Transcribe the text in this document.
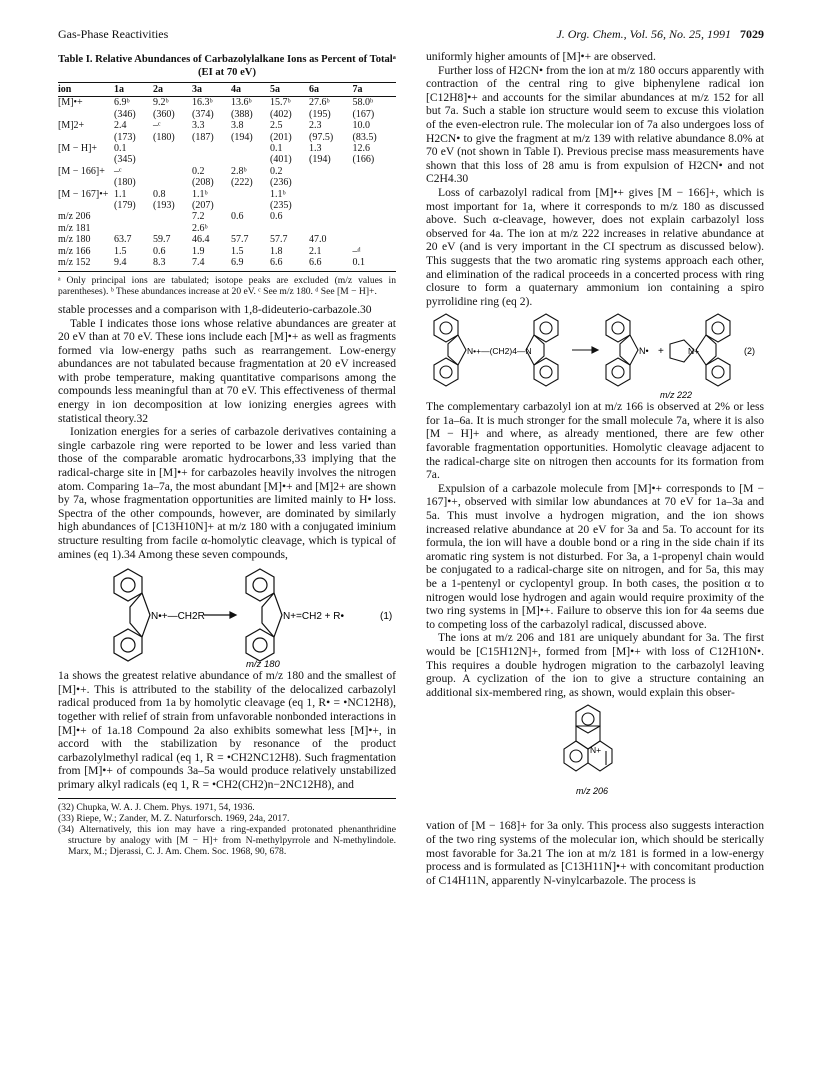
Gas-Phase Reactivities	J. Org. Chem., Vol. 56, No. 25, 1991 7029
Table I. Relative Abundances of Carbazolylalkane Ions as Percent of Totalᵃ (EI at 70 eV)
ion	1a	2a	3a	4a	5a	6a	7a
[M]•+	6.9ᵇ	9.2ᵇ	16.3ᵇ	13.6ᵇ	15.7ᵇ	27.6ᵇ	58.0ᵇ
	(346)	(360)	(374)	(388)	(402)	(195)	(167)
[M]2+	2.4	–ᶜ	3.3	3.8	2.5	2.3	10.0
	(173)	(180)	(187)	(194)	(201)	(97.5)	(83.5)
[M − H]+	0.1				0.1	1.3	12.6
	(345)				(401)	(194)	(166)
[M − 166]+	–ᶜ		0.2	2.8ᵇ	0.2		
	(180)		(208)	(222)	(236)		
[M − 167]•+	1.1	0.8	1.1ᵇ		1.1ᵇ		
	(179)	(193)	(207)		(235)		
m/z 206			7.2	0.6	0.6		
m/z 181			2.6ᵇ				
m/z 180	63.7	59.7	46.4	57.7	57.7	47.0	
m/z 166	1.5	0.6	1.9	1.5	1.8	2.1	–ᵈ
m/z 152	9.4	8.3	7.4	6.9	6.6	6.6	0.1
ᵃ Only principal ions are tabulated; isotope peaks are excluded (m/z values in parentheses). ᵇ These abundances increase at 20 eV. ᶜ See m/z 180. ᵈ See [M − H]+.

stable processes and a comparison with 1,8-dideuterio-carbazole.30

Table I indicates those ions whose relative abundances are greater at 20 eV than at 70 eV. These ions include each [M]•+ as well as fragments formed via low-energy paths such as rearrangement. Low-energy abundances are not tabulated because fragmentation at 20 eV increased with probe temperature, making quantitative comparisons among the compounds less meaningful than at 70 eV. This effectiveness of thermal energy in ion decomposition at low ionizing energies agrees with statistical theory.32

Ionization energies for a series of carbazole derivatives containing a single carbazole ring were reported to be lower and less varied than those of the comparable aromatic hydrocarbons,33 implying that the radical-charge site in [M]•+ for carbazoles heavily involves the nitrogen atom. Comparing 1a–7a, the most abundant [M]•+ and [M]2+ are shown by 7a, whose fragmentation opportunities are limited mainly to H• loss. Spectra of the other compounds, however, are dominated by similarly high abundances of [C13H10N]+ at m/z 180 with a conjugated iminium structure resulting from facile α-homolytic cleavage, which is typical of amines (eq 1).34 Among these seven compounds,

N•+—CH2R	N+=CH2 + R•	(1)
m/z 180

1a shows the greatest relative abundance of m/z 180 and the smallest of [M]•+. This is attributed to the stability of the delocalized carbazolyl radical produced from 1a by homolytic cleavage (eq 1, R• = •NC12H8), together with relief of strain from unfavorable nonbonded interactions in [M]•+ of 1a.18 Compound 2a also exhibits somewhat less [M]•+, in accord with the stabilization by resonance of the product carbazolylmethyl radical (eq 1, R = •CH2NC12H8). Such fragmentation from [M]•+ of compounds 3a–5a would produce relatively unstabilized primary alkyl radicals (eq 1, R = •CH2(CH2)n−2NC12H8), and

(32) Chupka, W. A. J. Chem. Phys. 1971, 54, 1936.
(33) Riepe, W.; Zander, M. Z. Naturforsch. 1969, 24a, 2017.
(34) Alternatively, this ion may have a ring-expanded protonated phenanthridine structure by analogy with [M − H]+ from N-methylpyrrole and N-methylindole. Marx, M.; Djerassi, C. J. Am. Chem. Soc. 1968, 90, 678.

uniformly higher amounts of [M]•+ are observed.

Further loss of H2CN• from the ion at m/z 180 occurs apparently with contraction of the central ring to give biphenylene radical ion [C12H8]•+ and accounts for the similar abundances at m/z 152 for all but 7a. Such a stable ion structure would seem to excuse this violation of the even-electron rule. The molecular ion of 7a also undergoes loss of H2CN• to give the fragment at m/z 139 with relative abundance 8.0% at 70 eV (not shown in Table I). Previous precise mass measurements have shown that this loss of 28 amu is from expulsion of H2CN• and not C2H4.30

Loss of carbazolyl radical from [M]•+ gives [M − 166]+, which is most important for 1a, where it corresponds to m/z 180 as discussed above. Such α-cleavage, however, does not explain carbazolyl loss observed for 4a. The ion at m/z 222 increases in relative abundance at 20 eV (and is very important in the CI spectrum as discussed below). This suggests that the two aromatic ring systems approach each other, and elimination of the radical proceeds in a concerted process with ring closure to form a quaternary ammonium ion containing a spiro pyrrolidine ring (eq 2).

N•+—(CH2)4—N	N• +	N+	(2)
m/z 222

The complementary carbazolyl ion at m/z 166 is observed at 2% or less for 1a–6a. It is much stronger for the small molecule 7a, where it is also [M − H]+ and where, as already mentioned, there are few other favorable fragmentation opportunities. Homolytic cleavage adjacent to the radical-charge site on nitrogen then accounts for its formation from 7a.

Expulsion of a carbazole molecule from [M]•+ corresponds to [M − 167]•+, observed with similar low abundances at 70 eV for 1a–3a and 5a. This must involve a hydrogen migration, and the ion shows increased relative abundance at 20 eV for 3a and 5a. To account for its formula, the ion will have a double bond or a ring in the side chain if its aromatic ring system is not disturbed. For 3a, a 1-propenyl chain would be conjugated to a radical-charge site on nitrogen, and for 5a, this may be a 1-pentenyl or cyclopentyl group. In both cases, the position α to nitrogen would lose hydrogen and again would require proximity of the two ring systems in [M]•+. Failure to observe this ion for 4a seems due to competing loss of the carbazolyl radical, discussed above.

The ions at m/z 206 and 181 are uniquely abundant for 3a. The first would be [C15H12N]+, formed from [M]•+ with loss of C12H10N•. This requires a double hydrogen migration to the carbazolyl leaving group. A cyclization of the ion to give a structure containing an additional six-membered ring, as shown, would explain this obser-

N+
m/z 206

vation of [M − 168]+ for 3a only. This process also suggests interaction of the two ring systems of the molecular ion, which should be sterically most favorable for 3a.21 The ion at m/z 181 is formed in a low-energy process and is formulated as [C13H11N]•+ with concomitant production of C14H11N, apparently N-vinylcarbazole. The process is
